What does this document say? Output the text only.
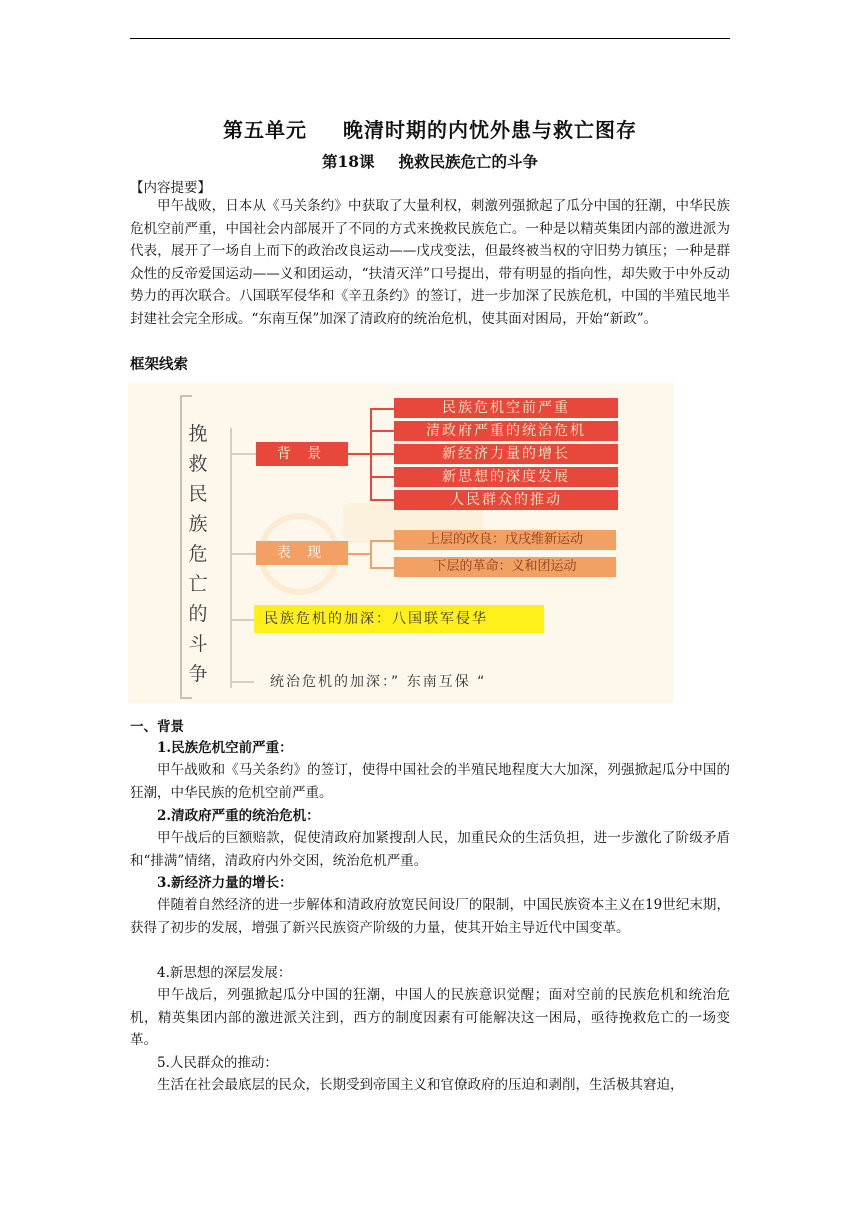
第五单元 晚清时期的内忧外患与救亡图存
第18课 挽救民族危亡的斗争

【内容提要】

甲午战败，日本从《马关条约》中获取了大量利权，刺激列强掀起了瓜分中国的狂潮，中华民族危机空前严重，中国社会内部展开了不同的方式来挽救民族危亡。一种是以精英集团内部的激进派为代表，展开了一场自上而下的政治改良运动——戊戌变法，但最终被当权的守旧势力镇压；一种是群众性的反帝爱国运动——义和团运动，“扶清灭洋”口号提出，带有明显的指向性，却失败于中外反动势力的再次联合。八国联军侵华和《辛丑条约》的签订，进一步加深了民族危机，中国的半殖民地半封建社会完全形成。“东南互保”加深了清政府的统治危机，使其面对困局，开始“新政”。

框架线索

挽
救
民
族
危
亡
的
斗
争
背 景
民族危机空前严重
清政府严重的统治危机
新经济力量的增长
新思想的深度发展
人民群众的推动
表 现
上层的改良：戊戌维新运动
下层的革命：义和团运动
民族危机的加深：八国联军侵华
统治危机的加深：” 东南互保 “

一、背景

1.民族危机空前严重：

甲午战败和《马关条约》的签订，使得中国社会的半殖民地程度大大加深，列强掀起瓜分中国的狂潮，中华民族的危机空前严重。

2.清政府严重的统治危机：

甲午战后的巨额赔款，促使清政府加紧搜刮人民，加重民众的生活负担，进一步激化了阶级矛盾和“排满”情绪，清政府内外交困，统治危机严重。

3.新经济力量的增长：

伴随着自然经济的进一步解体和清政府放宽民间设厂的限制，中国民族资本主义在19世纪末期，获得了初步的发展，增强了新兴民族资产阶级的力量，使其开始主导近代中国变革。

4.新思想的深层发展：

甲午战后，列强掀起瓜分中国的狂潮，中国人的民族意识觉醒；面对空前的民族危机和统治危机，精英集团内部的激进派关注到，西方的制度因素有可能解决这一困局，亟待挽救危亡的一场变革。

5.人民群众的推动：

生活在社会最底层的民众，长期受到帝国主义和官僚政府的压迫和剥削，生活极其窘迫，
